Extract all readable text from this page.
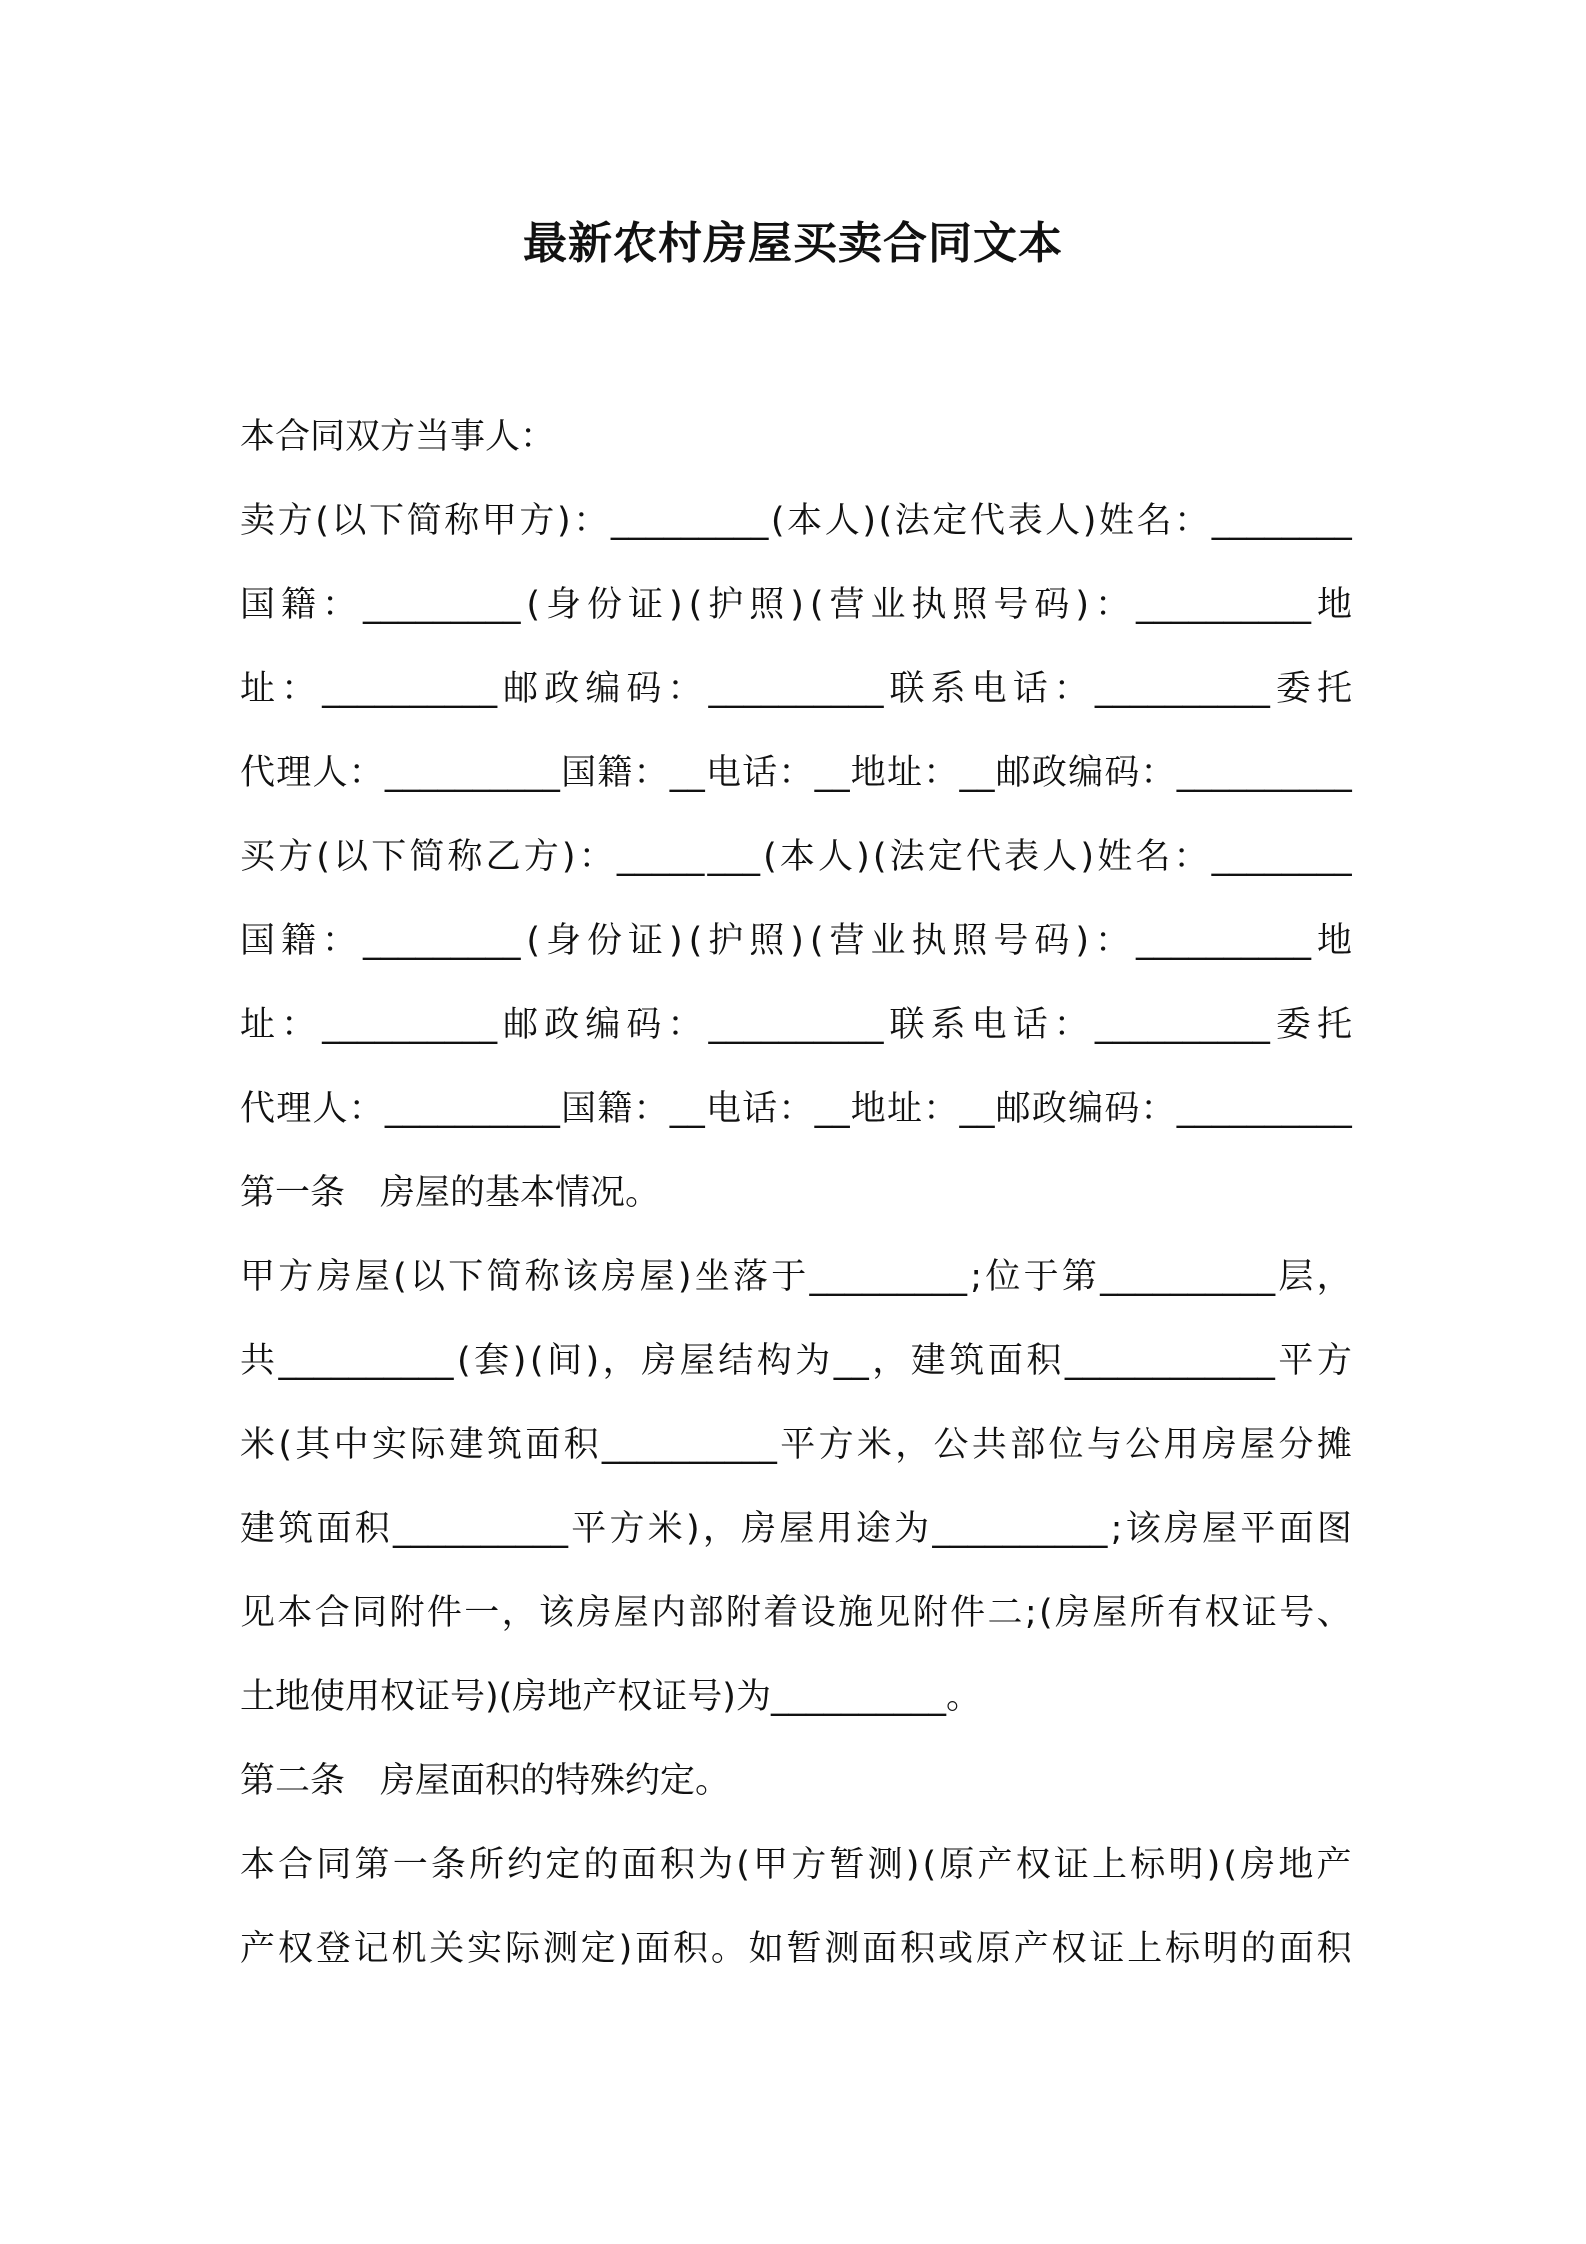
最新农村房屋买卖合同文本
本合同双方当事人：
卖 方 ( 以 下 简 称 甲 方 ) ： _________ ( 本 人 ) ( 法 定 代 表 人 ) 姓 名 ： ________
国 籍 ： _________ ( 身 份 证 ) ( 护 照 ) ( 营 业 执 照 号 码 ) ： __________ 地
址 ： __________ 邮 政 编 码 ： __________ 联 系 电 话 ： __________ 委 托
代 理 人 ： __________ 国 籍 ： __ 电 话 ： __ 地 址 ： __ 邮 政 编 码 ： __________
买 方 ( 以 下 简 称 乙 方 ) ： _____ ___ ( 本 人 ) ( 法 定 代 表 人 ) 姓 名 ： ________
国 籍 ： _________ ( 身 份 证 ) ( 护 照 ) ( 营 业 执 照 号 码 ) ： __________ 地
址 ： __________ 邮 政 编 码 ： __________ 联 系 电 话 ： __________ 委 托
代 理 人 ： __________ 国 籍 ： __ 电 话 ： __ 地 址 ： __ 邮 政 编 码 ： __________
第一条　房屋的基本情况。
甲 方 房 屋 ( 以 下 简 称 该 房 屋 ) 坐 落 于 _________ ; 位 于 第 __________ 层 ，
共 __________ ( 套 ) ( 间 ) ， 房 屋 结 构 为 __ ， 建 筑 面 积 ____________ 平 方
米 ( 其 中 实 际 建 筑 面 积 __________ 平 方 米 ， 公 共 部 位 与 公 用 房 屋 分 摊
建 筑 面 积 __________ 平 方 米 ) ， 房 屋 用 途 为 __________ ; 该 房 屋 平 面 图
见 本 合 同 附 件 一 ， 该 房 屋 内 部 附 着 设 施 见 附 件 二 ; ( 房 屋 所 有 权 证 号 、
土地使用权证号)(房地产权证号)为__________。
第二条　房屋面积的特殊约定。
本 合 同 第 一 条 所 约 定 的 面 积 为 ( 甲 方 暂 测 ) ( 原 产 权 证 上 标 明 ) ( 房 地 产
产 权 登 记 机 关 实 际 测 定 ) 面 积 。 如 暂 测 面 积 或 原 产 权 证 上 标 明 的 面 积
